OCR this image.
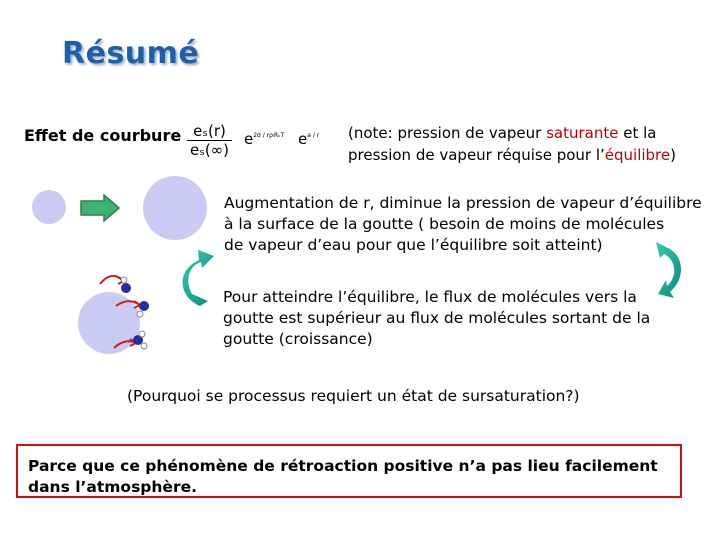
Résumé
Effet de courbure $\frac{\text{eₛ(r)}}{\text{eₛ(∞)}} e^{2\sigma / r\rho_lRᵥT}$ $e^{a / r}$ (note: pression de vapeur saturante et la pression de vapeur réquise pour l’équilibre)
Augmentation de r, diminue la pression de vapeur d’équilibre
à la surface de la goutte ( besoin de moins de molécules
de vapeur d’eau pour que l’équilibre soit atteint)
Pour atteindre l’équilibre, le flux de molécules vers la goutte est supérieur au flux de molécules sortant de la goutte (croissance)
(Pourquoi se processus requiert un état de sursaturation?)
Parce que ce phénomène de rétroaction positive n’a pas lieu facilement dans l’atmosphère.
